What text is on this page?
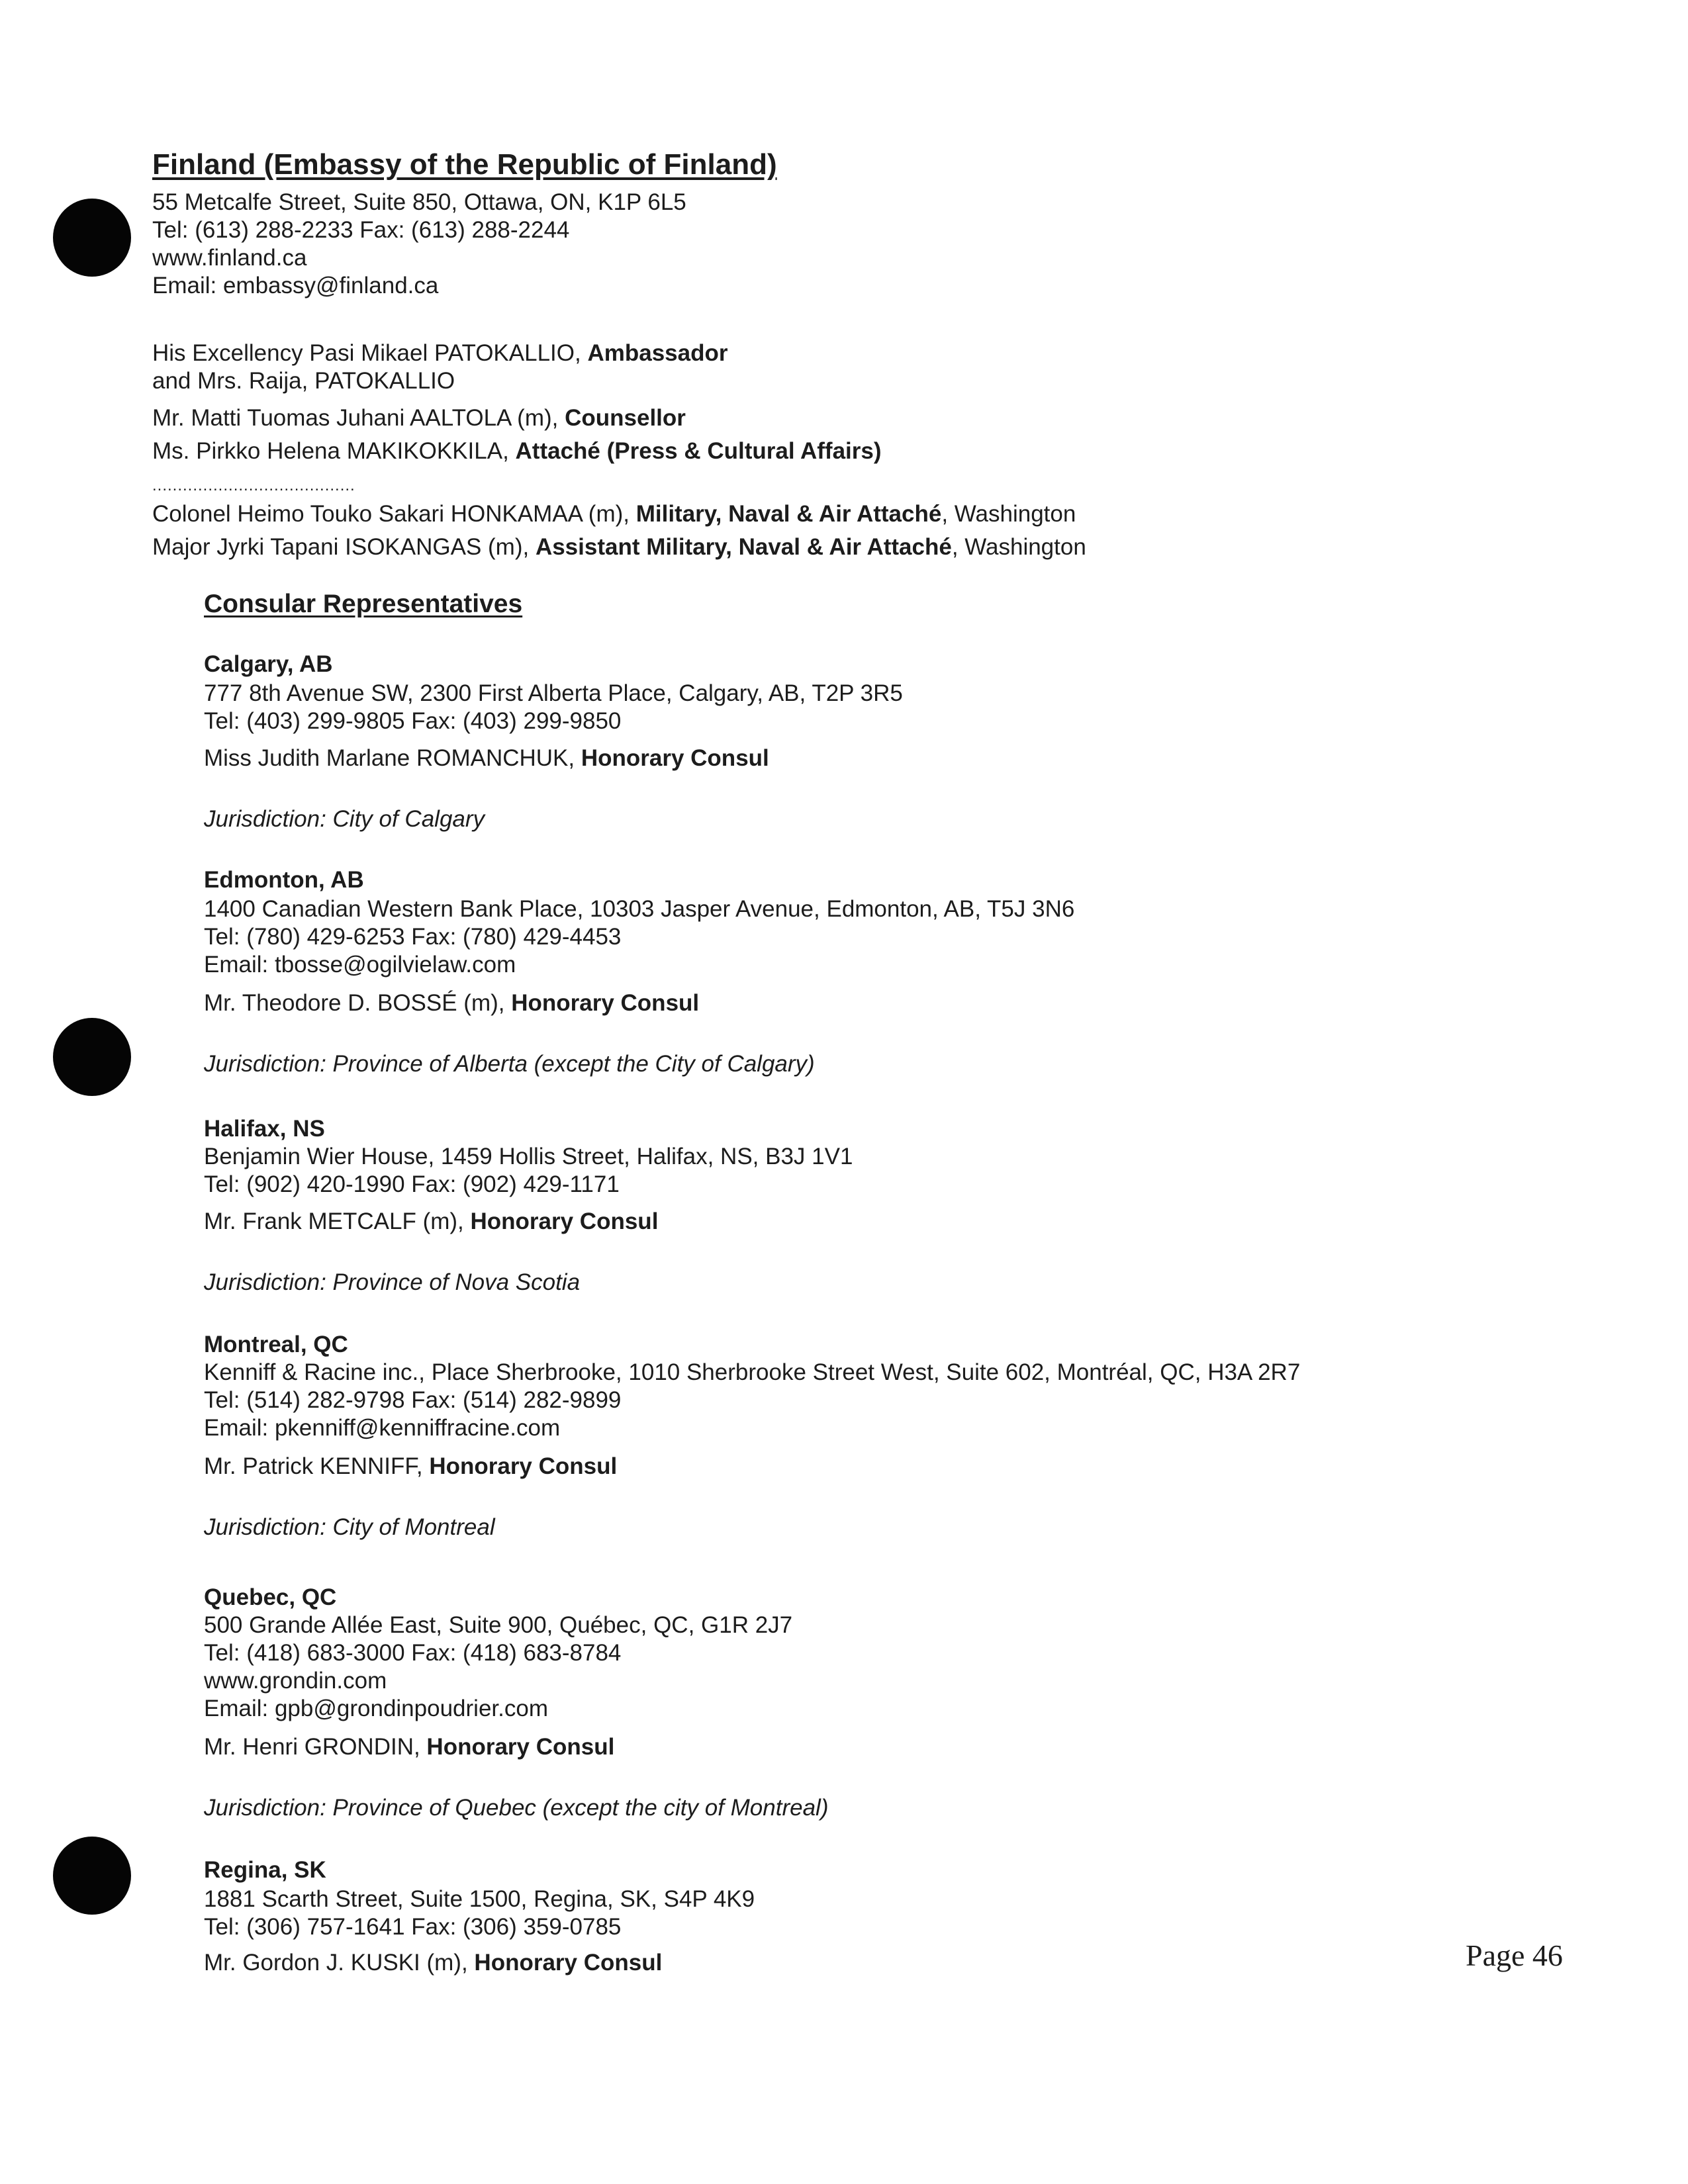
Finland (Embassy of the Republic of Finland)
55 Metcalfe Street, Suite 850, Ottawa, ON, K1P 6L5
Tel: (613) 288-2233 Fax: (613) 288-2244
www.finland.ca
Email: embassy@finland.ca
His Excellency Pasi Mikael PATOKALLIO, Ambassador
and Mrs. Raija, PATOKALLIO
Mr. Matti Tuomas Juhani AALTOLA (m), Counsellor
Ms. Pirkko Helena MAKIKOKKILA, Attaché (Press & Cultural Affairs)
........................................
Colonel Heimo Touko Sakari HONKAMAA (m), Military, Naval & Air Attaché, Washington
Major Jyrki Tapani ISOKANGAS (m), Assistant Military, Naval & Air Attaché, Washington
Consular Representatives
Calgary, AB
777 8th Avenue SW, 2300 First Alberta Place, Calgary, AB, T2P 3R5
Tel: (403) 299-9805 Fax: (403) 299-9850
Miss Judith Marlane ROMANCHUK, Honorary Consul
Jurisdiction: City of Calgary
Edmonton, AB
1400 Canadian Western Bank Place, 10303 Jasper Avenue, Edmonton, AB, T5J 3N6
Tel: (780) 429-6253 Fax: (780) 429-4453
Email: tbosse@ogilvielaw.com
Mr. Theodore D. BOSSÉ (m), Honorary Consul
Jurisdiction: Province of Alberta (except the City of Calgary)
Halifax, NS
Benjamin Wier House, 1459 Hollis Street, Halifax, NS, B3J 1V1
Tel: (902) 420-1990 Fax: (902) 429-1171
Mr. Frank METCALF (m), Honorary Consul
Jurisdiction: Province of Nova Scotia
Montreal, QC
Kenniff & Racine inc., Place Sherbrooke, 1010 Sherbrooke Street West, Suite 602, Montréal, QC, H3A 2R7
Tel: (514) 282-9798 Fax: (514) 282-9899
Email: pkenniff@kenniffracine.com
Mr. Patrick KENNIFF, Honorary Consul
Jurisdiction: City of Montreal
Quebec, QC
500 Grande Allée East, Suite 900, Québec, QC, G1R 2J7
Tel: (418) 683-3000 Fax: (418) 683-8784
www.grondin.com
Email: gpb@grondinpoudrier.com
Mr. Henri GRONDIN, Honorary Consul
Jurisdiction: Province of Quebec (except the city of Montreal)
Regina, SK
1881 Scarth Street, Suite 1500, Regina, SK, S4P 4K9
Tel: (306) 757-1641 Fax: (306) 359-0785
Mr. Gordon J. KUSKI (m), Honorary Consul	Page 46
